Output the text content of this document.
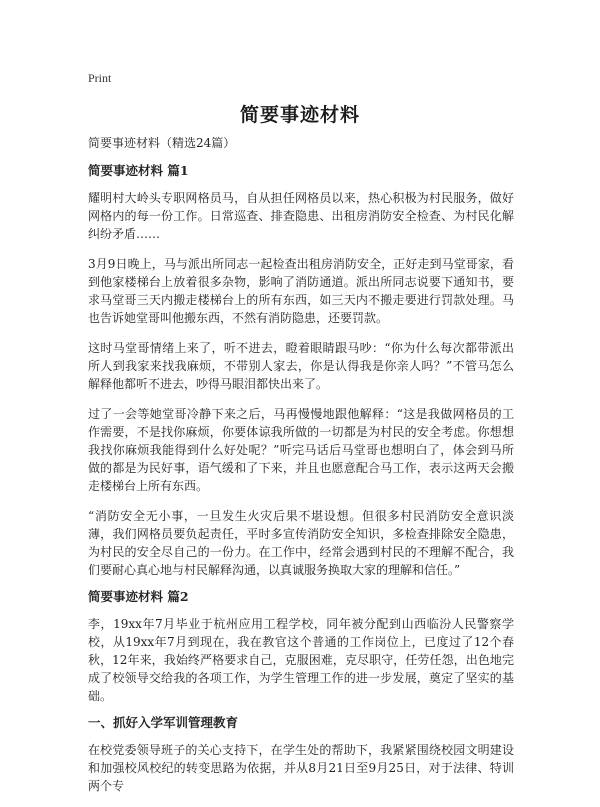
Print
简要事迹材料

简要事迹材料（精选24篇）

简要事迹材料 篇1

耀明村大岭头专职网格员马，自从担任网格员以来，热心积极为村民服务，做好网格内的每一份工作。日常巡查、排查隐患、出租房消防安全检查、为村民化解纠纷矛盾……

3月9日晚上，马与派出所同志一起检查出租房消防安全，正好走到马堂哥家，看到他家楼梯台上放着很多杂物，影响了消防通道。派出所同志说要下通知书，要求马堂哥三天内搬走楼梯台上的所有东西，如三天内不搬走要进行罚款处理。马也告诉她堂哥叫他搬东西，不然有消防隐患，还要罚款。

这时马堂哥情绪上来了，听不进去，瞪着眼睛跟马吵：“你为什么每次都带派出所人到我家来找我麻烦，不带别人家去，你是认得我是你亲人吗？”不管马怎么解释他都听不进去，吵得马眼泪都快出来了。

过了一会等她堂哥冷静下来之后，马再慢慢地跟他解释：“这是我做网格员的工作需要，不是找你麻烦，你要体谅我所做的一切都是为村民的安全考虑。你想想我找你麻烦我能得到什么好处呢？”听完马话后马堂哥也想明白了，体会到马所做的都是为民好事，语气缓和了下来，并且也愿意配合马工作，表示这两天会搬走楼梯台上所有东西。

“消防安全无小事，一旦发生火灾后果不堪设想。但很多村民消防安全意识淡薄，我们网格员要负起责任，平时多宣传消防安全知识，多检查排除安全隐患，为村民的安全尽自己的一份力。在工作中，经常会遇到村民的不理解不配合，我们要耐心真心地与村民解释沟通，以真诚服务换取大家的理解和信任。”

简要事迹材料 篇2

李，19xx年7月毕业于杭州应用工程学校，同年被分配到山西临汾人民警察学校，从19xx年7月到现在，我在教官这个普通的工作岗位上，已度过了12个春秋，12年来，我始终严格要求自己，克服困难，克尽职守，任劳任怨，出色地完成了校领导交给我的各项工作，为学生管理工作的进一步发展，奠定了坚实的基础。

一、抓好入学军训管理教育

在校党委领导班子的关心支持下，在学生处的帮助下，我紧紧围绕校园文明建设和加强校风校纪的转变思路为依据，并从8月21日至9月25日，对于法律、特训两个专
